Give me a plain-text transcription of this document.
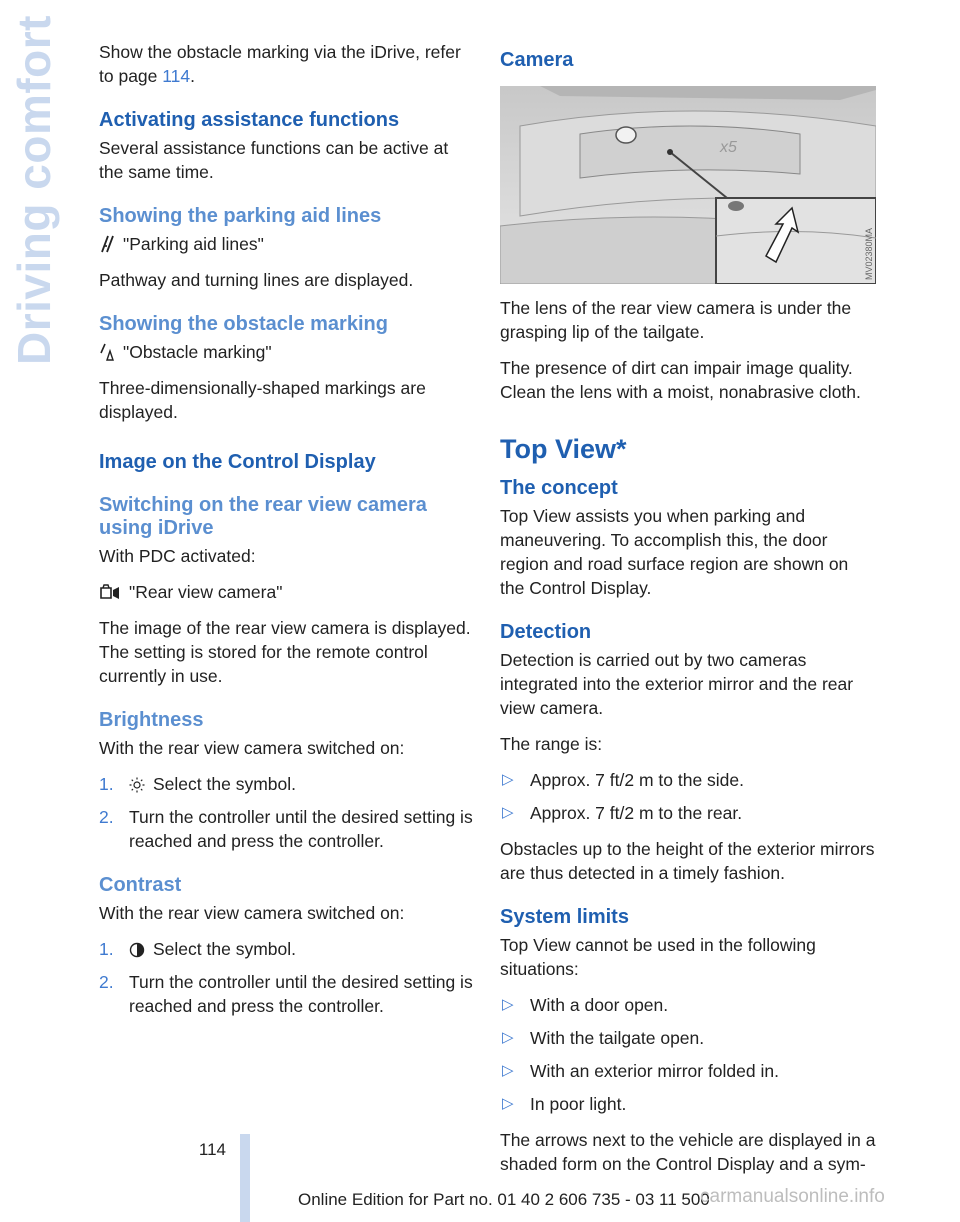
Driving comfort Show the obstacle marking via the iDrive, refer to page 114.

Activating assistance functions

Several assistance functions can be active at the same time.

Showing the parking aid lines

"Parking aid lines"

Pathway and turning lines are displayed.

Showing the obstacle marking

"Obstacle marking"

Three-dimensionally-shaped markings are displayed.

Image on the Control Display
Switching on the rear view camera using iDrive

With PDC activated:

"Rear view camera"

The image of the rear view camera is displayed. The setting is stored for the remote control currently in use.

Brightness

With the rear view camera switched on:

1. Select the symbol.
2. Turn the controller until the desired setting is reached and press the controller.
Contrast

With the rear view camera switched on:

1. Select the symbol.
2. Turn the controller until the desired setting is reached and press the controller.
Camera
x5
MV02380MA

The lens of the rear view camera is under the grasping lip of the tailgate.

The presence of dirt can impair image quality. Clean the lens with a moist, nonabrasive cloth.

Top View*
The concept

Top View assists you when parking and maneuvering. To accomplish this, the door region and road surface region are shown on the Control Display.

Detection

Detection is carried out by two cameras integrated into the exterior mirror and the rear view camera.

The range is:

▷ Approx. 7 ft/2 m to the side.
▷ Approx. 7 ft/2 m to the rear.

Obstacles up to the height of the exterior mirrors are thus detected in a timely fashion.

System limits

Top View cannot be used in the following situations:

▷ With a door open.
▷ With the tailgate open.
▷ With an exterior mirror folded in.
▷ In poor light.

The arrows next to the vehicle are displayed in a shaded form on the Control Display and a sym-

114
Online Edition for Part no. 01 40 2 606 735 - 03 11 500
carmanualsonline.info
